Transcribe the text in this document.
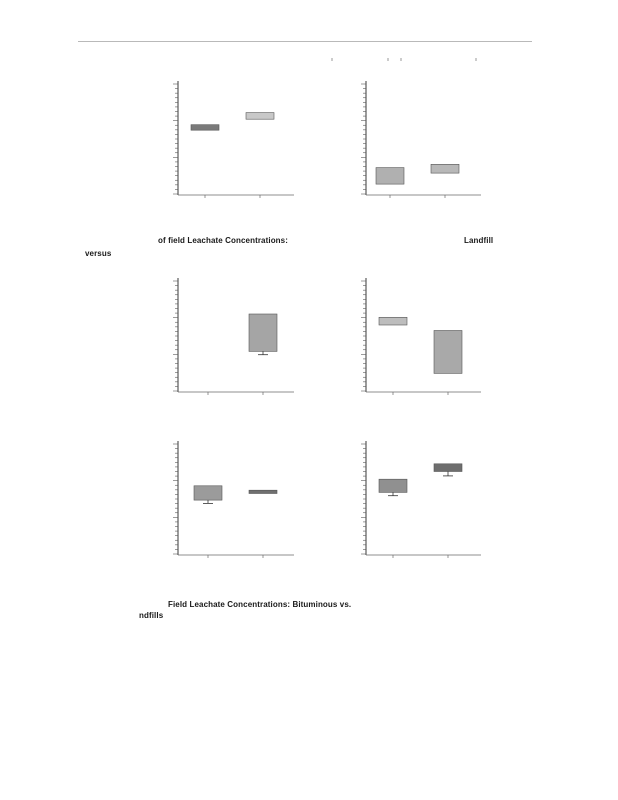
of field Leachate Concentrations:	Landfill
versus
Field Leachate Concentrations: Bituminous vs.
ndfills
